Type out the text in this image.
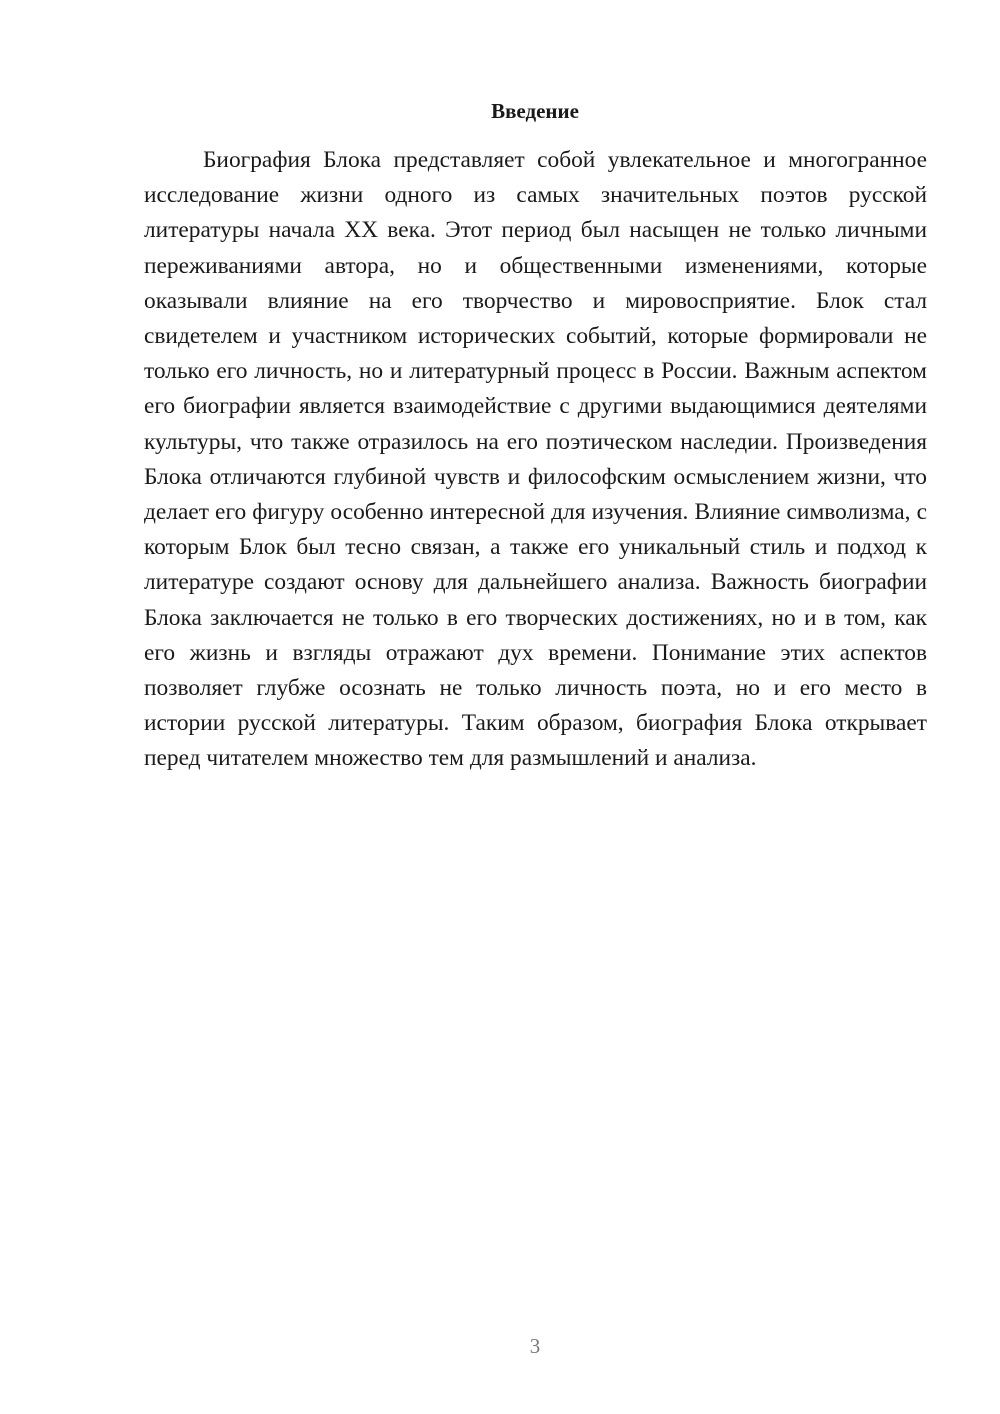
Введение

Биография Блока представляет собой увлекательное и многогранное исследование жизни одного из самых значительных поэтов русской литературы начала XX века. Этот период был насыщен не только личными переживаниями автора, но и общественными изменениями, которые оказывали влияние на его творчество и мировосприятие. Блок стал свидетелем и участником исторических событий, которые формировали не только его личность, но и литературный процесс в России. Важным аспектом его биографии является взаимодействие с другими выдающимися деятелями культуры, что также отразилось на его поэтическом наследии. Произведения Блока отличаются глубиной чувств и философским осмыслением жизни, что делает его фигуру особенно интересной для изучения. Влияние символизма, с которым Блок был тесно связан, а также его уникальный стиль и подход к литературе создают основу для дальнейшего анализа. Важность биографии Блока заключается не только в его творческих достижениях, но и в том, как его жизнь и взгляды отражают дух времени. Понимание этих аспектов позволяет глубже осознать не только личность поэта, но и его место в истории русской литературы. Таким образом, биография Блока открывает перед читателем множество тем для размышлений и анализа.

3
